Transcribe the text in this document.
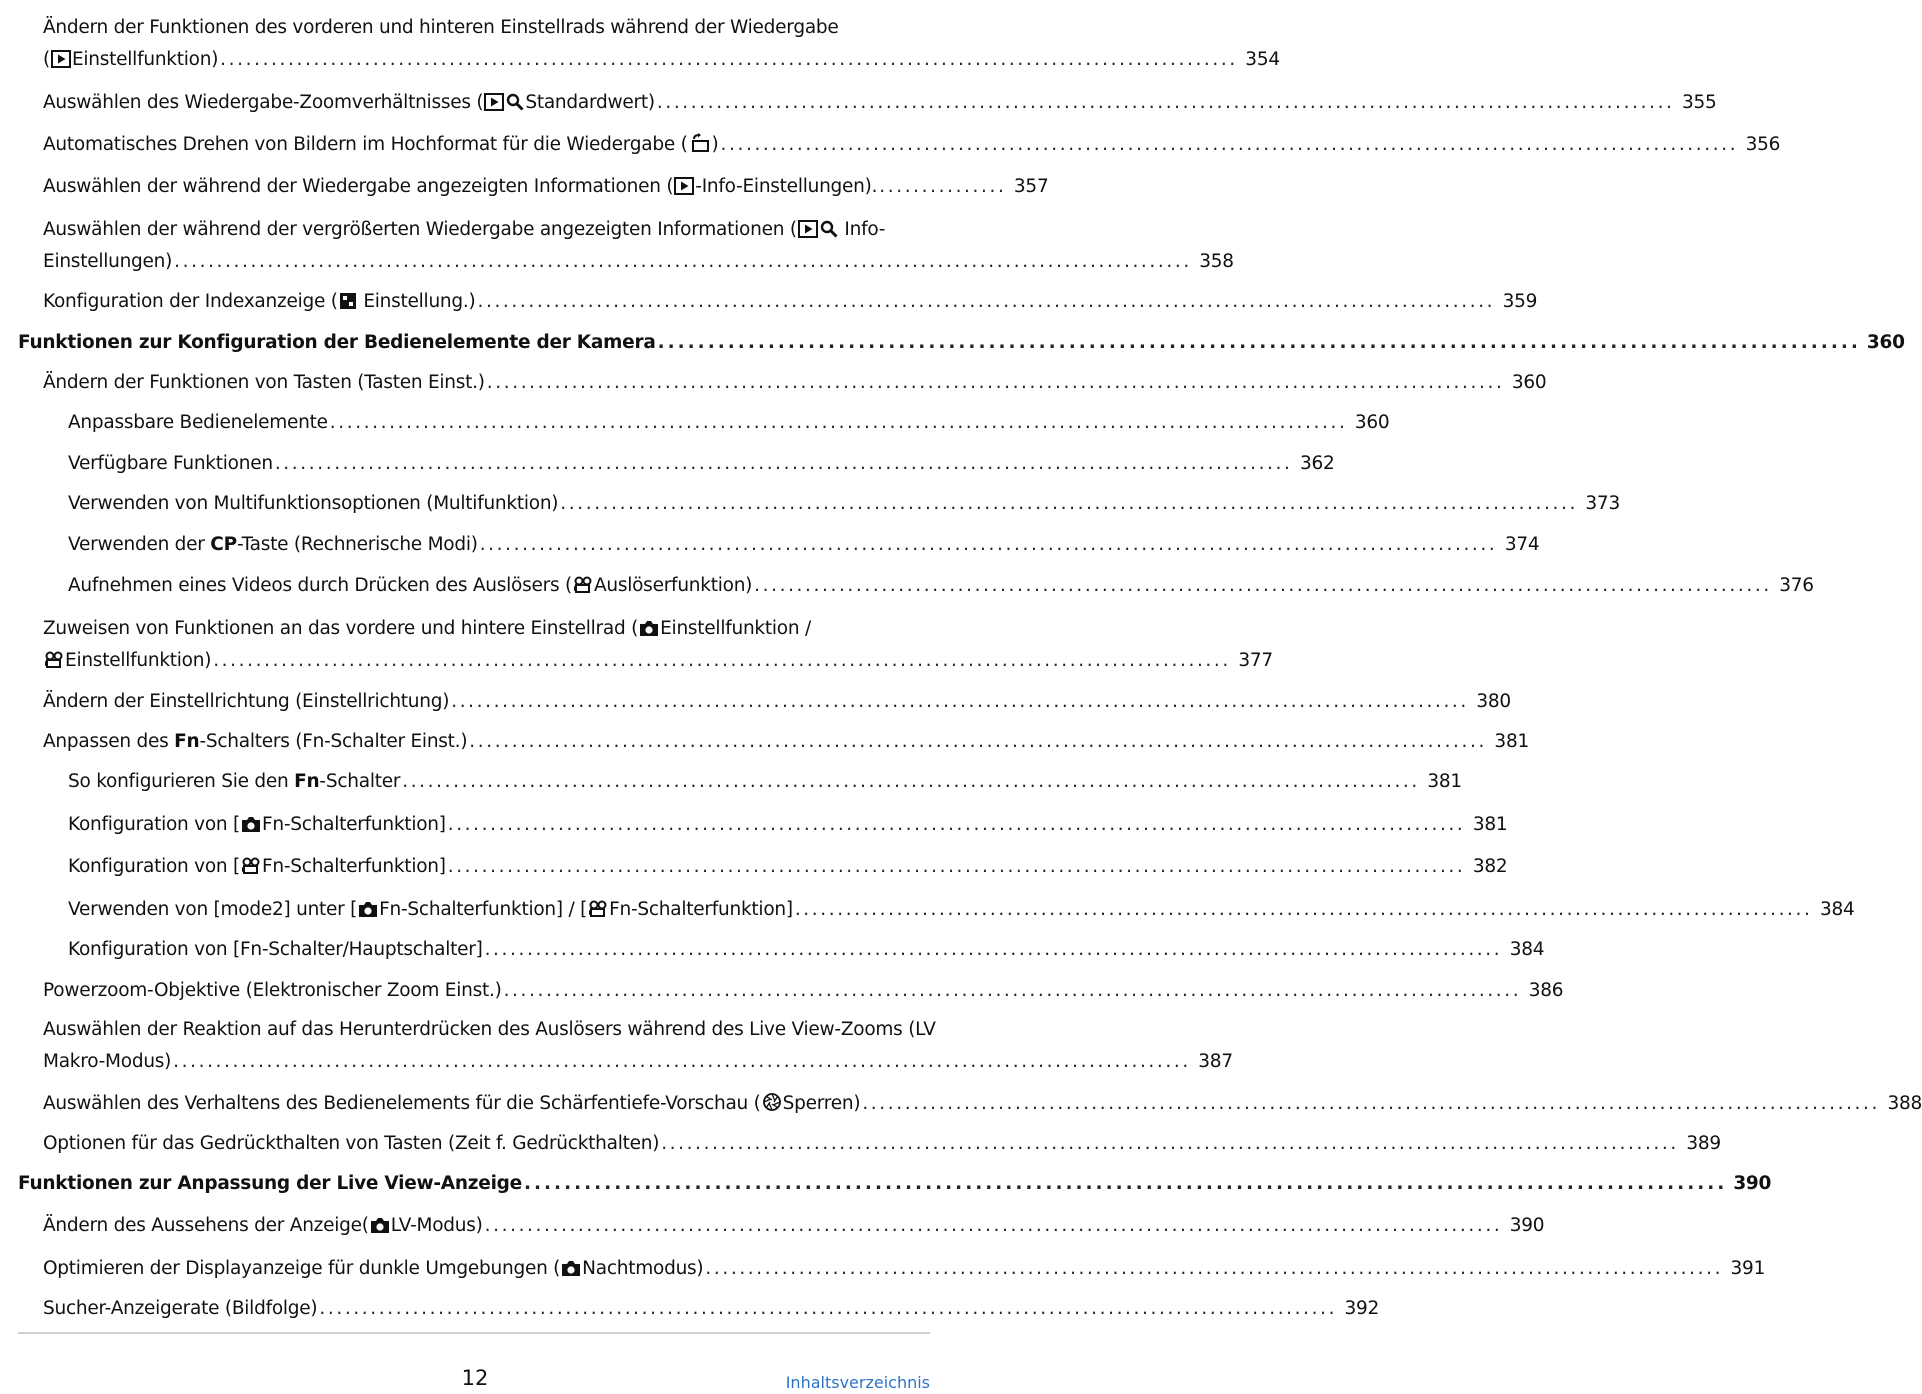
Ändern der Funktionen des vorderen und hinteren Einstellrads während der Wiedergabe
( Einstellfunktion) ........................................................................................................................ 354
Auswählen des Wiedergabe-Zoomverhältnisses ( Standardwert) ........................................................................................................................ 355
Automatisches Drehen von Bildern im Hochformat für die Wiedergabe ( ) ........................................................................................................................ 356
Auswählen der während der Wiedergabe angezeigten Informationen ( -Info-Einstellungen). ............... 357
Auswählen der während der vergrößerten Wiedergabe angezeigten Informationen (
Info-
Einstellungen) ........................................................................................................................ 358
Konfiguration der Indexanzeige (
Einstellung.) ........................................................................................................................ 359
Funktionen zur Konfiguration der Bedienelemente der Kamera ........................................................................................................................ 360
Ändern der Funktionen von Tasten (Tasten Einst.) ........................................................................................................................ 360
Anpassbare Bedienelemente ........................................................................................................................ 360
Verfügbare Funktionen ........................................................................................................................ 362
Verwenden von Multifunktionsoptionen (Multifunktion) ........................................................................................................................ 373
Verwenden der CP-Taste (Rechnerische Modi) ........................................................................................................................ 374
Aufnehmen eines Videos durch Drücken des Auslösers ( Auslöserfunktion) ........................................................................................................................ 376
Zuweisen von Funktionen an das vordere und hintere Einstellrad ( Einstellfunktion /
Einstellfunktion) ........................................................................................................................ 377
Ändern der Einstellrichtung (Einstellrichtung) ........................................................................................................................ 380
Anpassen des Fn-Schalters (Fn-Schalter Einst.) ........................................................................................................................ 381
So konfigurieren Sie den Fn-Schalter ........................................................................................................................ 381
Konfiguration von [ Fn-Schalterfunktion] ........................................................................................................................ 381
Konfiguration von [ Fn-Schalterfunktion] ........................................................................................................................ 382
Verwenden von [mode2] unter [ Fn-Schalterfunktion] / [ Fn-Schalterfunktion] ........................................................................................................................ 384
Konfiguration von [Fn-Schalter/Hauptschalter] ........................................................................................................................ 384
Powerzoom-Objektive (Elektronischer Zoom Einst.) ........................................................................................................................ 386
Auswählen der Reaktion auf das Herunterdrücken des Auslösers während des Live View-Zooms (LV
Makro-Modus) ........................................................................................................................ 387
Auswählen des Verhaltens des Bedienelements für die Schärfentiefe-Vorschau ( Sperren) ........................................................................................................................ 388
Optionen für das Gedrückthalten von Tasten (Zeit f. Gedrückthalten) ........................................................................................................................ 389
Funktionen zur Anpassung der Live View-Anzeige ........................................................................................................................ 390
Ändern des Aussehens der Anzeige( LV-Modus) ........................................................................................................................ 390
Optimieren der Displayanzeige für dunkle Umgebungen ( Nachtmodus) ........................................................................................................................ 391
Sucher-Anzeigerate (Bildfolge) ........................................................................................................................ 392
12	Inhaltsverzeichnis
